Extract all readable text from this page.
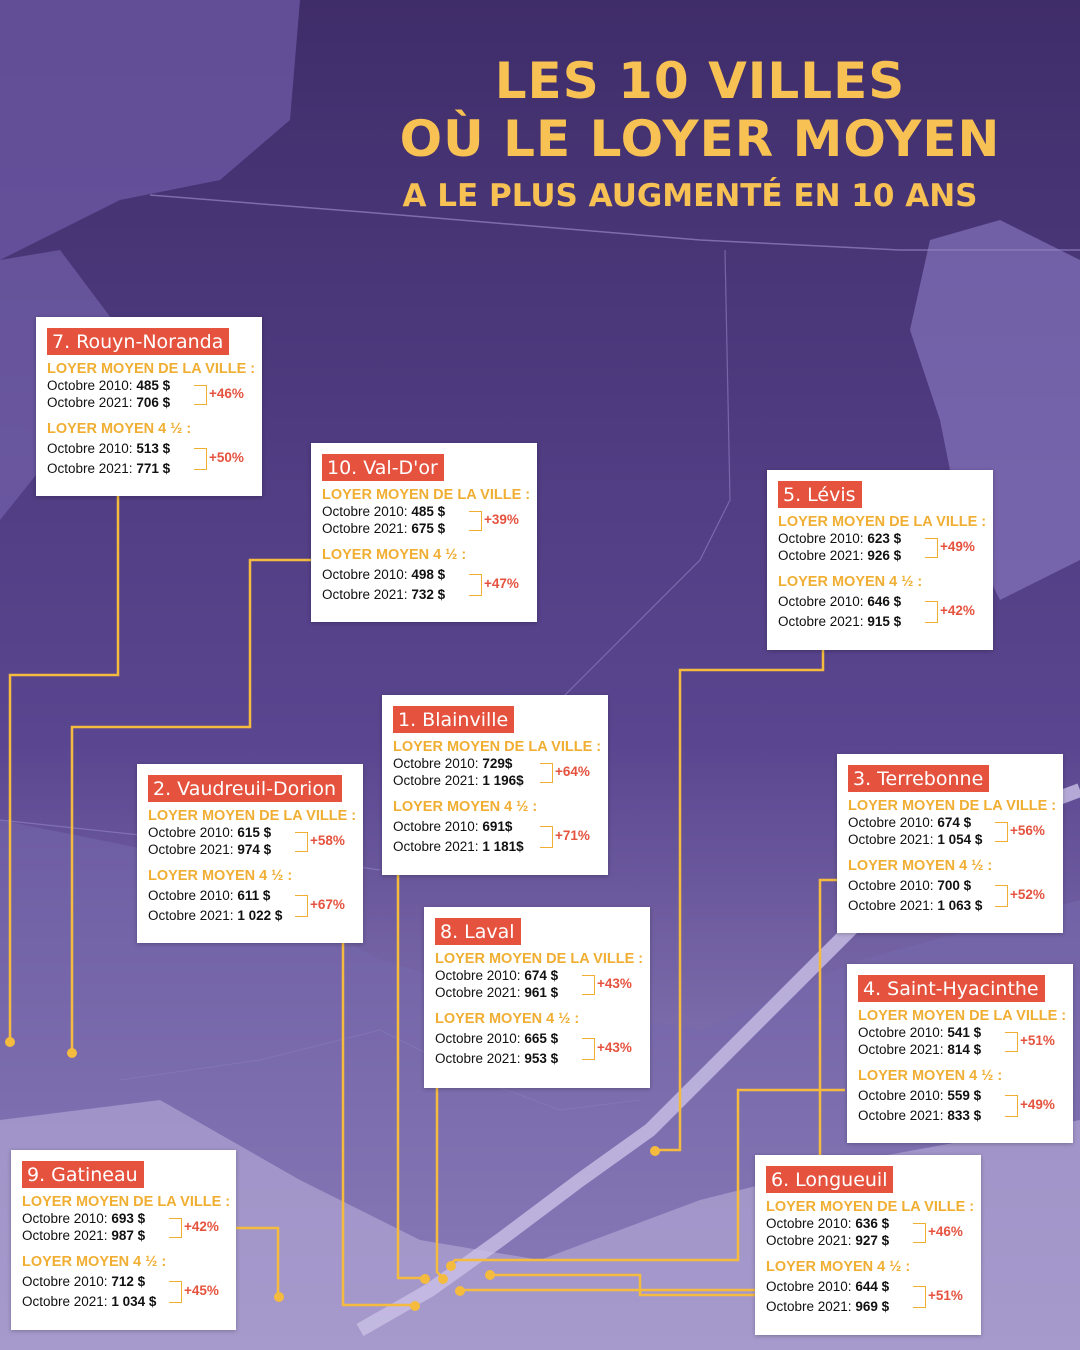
LES 10 VILLES
OÙ LE LOYER MOYEN
A LE PLUS AUGMENTÉ EN 10 ANS
7. Rouyn-Noranda
LOYER MOYEN DE LA VILLE :
Octobre 2010: 485 $
Octobre 2021: 706 $
+46%
LOYER MOYEN 4 ½ :
Octobre 2010: 513 $
Octobre 2021: 771 $
+50%	10. Val-D'or
LOYER MOYEN DE LA VILLE :
Octobre 2010: 485 $
Octobre 2021: 675 $
+39%
LOYER MOYEN 4 ½ :
Octobre 2010: 498 $
Octobre 2021: 732 $
+47%
5. Lévis
LOYER MOYEN DE LA VILLE :
Octobre 2010: 623 $
Octobre 2021: 926 $
+49%
LOYER MOYEN 4 ½ :
Octobre 2010: 646 $
Octobre 2021: 915 $
+42%
1. Blainville
LOYER MOYEN DE LA VILLE :
Octobre 2010: 729$
Octobre 2021: 1 196$
+64%
LOYER MOYEN 4 ½ :
Octobre 2010: 691$
Octobre 2021: 1 181$
+71%
2. Vaudreuil-Dorion
LOYER MOYEN DE LA VILLE :
Octobre 2010: 615 $
Octobre 2021: 974 $
+58%
LOYER MOYEN 4 ½ :
Octobre 2010: 611 $
Octobre 2021: 1 022 $
+67%
3. Terrebonne
LOYER MOYEN DE LA VILLE :
Octobre 2010: 674 $
Octobre 2021: 1 054 $
+56%
LOYER MOYEN 4 ½ :
Octobre 2010: 700 $
Octobre 2021: 1 063 $
+52%
8. Laval
LOYER MOYEN DE LA VILLE :
Octobre 2010: 674 $
Octobre 2021: 961 $
+43%
LOYER MOYEN 4 ½ :
Octobre 2010: 665 $
Octobre 2021: 953 $
+43%
4. Saint-Hyacinthe
LOYER MOYEN DE LA VILLE :
Octobre 2010: 541 $
Octobre 2021: 814 $
+51%
LOYER MOYEN 4 ½ :
Octobre 2010: 559 $
Octobre 2021: 833 $
+49%
9. Gatineau
LOYER MOYEN DE LA VILLE :
Octobre 2010: 693 $
Octobre 2021: 987 $
+42%
LOYER MOYEN 4 ½ :
Octobre 2010: 712 $
Octobre 2021: 1 034 $
+45%
6. Longueuil
LOYER MOYEN DE LA VILLE :
Octobre 2010: 636 $
Octobre 2021: 927 $
+46%
LOYER MOYEN 4 ½ :
Octobre 2010: 644 $
Octobre 2021: 969 $
+51%
